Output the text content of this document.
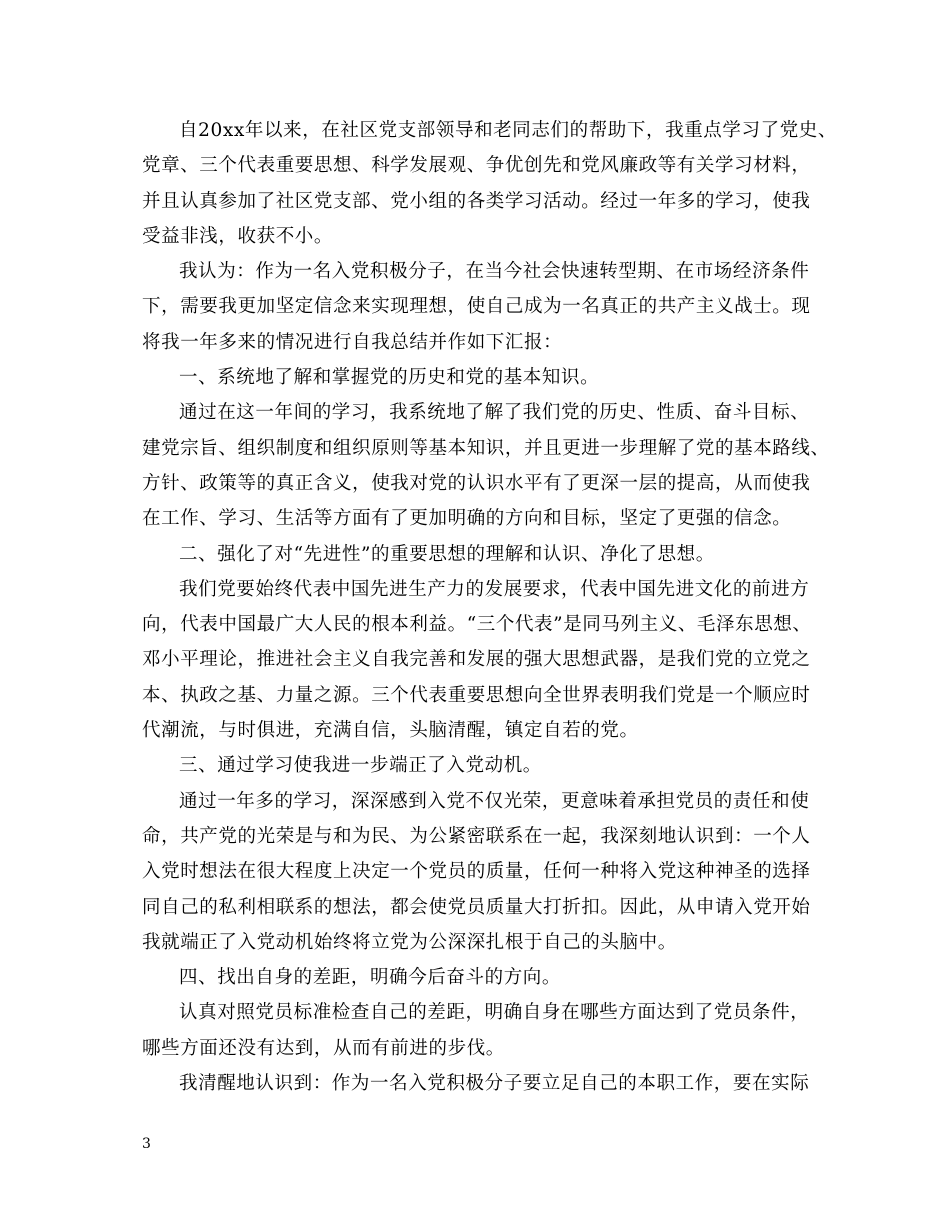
自20xx年以来，在社区党支部领导和老同志们的帮助下，我重点学习了党史、
党章、三个代表重要思想、科学发展观、争优创先和党风廉政等有关学习材料，
并且认真参加了社区党支部、党小组的各类学习活动。经过一年多的学习，使我
受益非浅，收获不小。
我认为：作为一名入党积极分子，在当今社会快速转型期、在市场经济条件
下，需要我更加坚定信念来实现理想，使自己成为一名真正的共产主义战士。现
将我一年多来的情况进行自我总结并作如下汇报：
一、系统地了解和掌握党的历史和党的基本知识。
通过在这一年间的学习，我系统地了解了我们党的历史、性质、奋斗目标、
建党宗旨、组织制度和组织原则等基本知识，并且更进一步理解了党的基本路线、
方针、政策等的真正含义，使我对党的认识水平有了更深一层的提高，从而使我
在工作、学习、生活等方面有了更加明确的方向和目标，坚定了更强的信念。
二、强化了对“先进性”的重要思想的理解和认识、净化了思想。
我们党要始终代表中国先进生产力的发展要求，代表中国先进文化的前进方
向，代表中国最广大人民的根本利益。“三个代表”是同马列主义、毛泽东思想、
邓小平理论，推进社会主义自我完善和发展的强大思想武器，是我们党的立党之
本、执政之基、力量之源。三个代表重要思想向全世界表明我们党是一个顺应时
代潮流，与时俱进，充满自信，头脑清醒，镇定自若的党。
三、通过学习使我进一步端正了入党动机。
通过一年多的学习，深深感到入党不仅光荣，更意味着承担党员的责任和使
命，共产党的光荣是与和为民、为公紧密联系在一起，我深刻地认识到：一个人
入党时想法在很大程度上决定一个党员的质量，任何一种将入党这种神圣的选择
同自己的私利相联系的想法，都会使党员质量大打折扣。因此，从申请入党开始
我就端正了入党动机始终将立党为公深深扎根于自己的头脑中。
四、找出自身的差距，明确今后奋斗的方向。
认真对照党员标准检查自己的差距，明确自身在哪些方面达到了党员条件，
哪些方面还没有达到，从而有前进的步伐。
我清醒地认识到：作为一名入党积极分子要立足自己的本职工作，要在实际
3
